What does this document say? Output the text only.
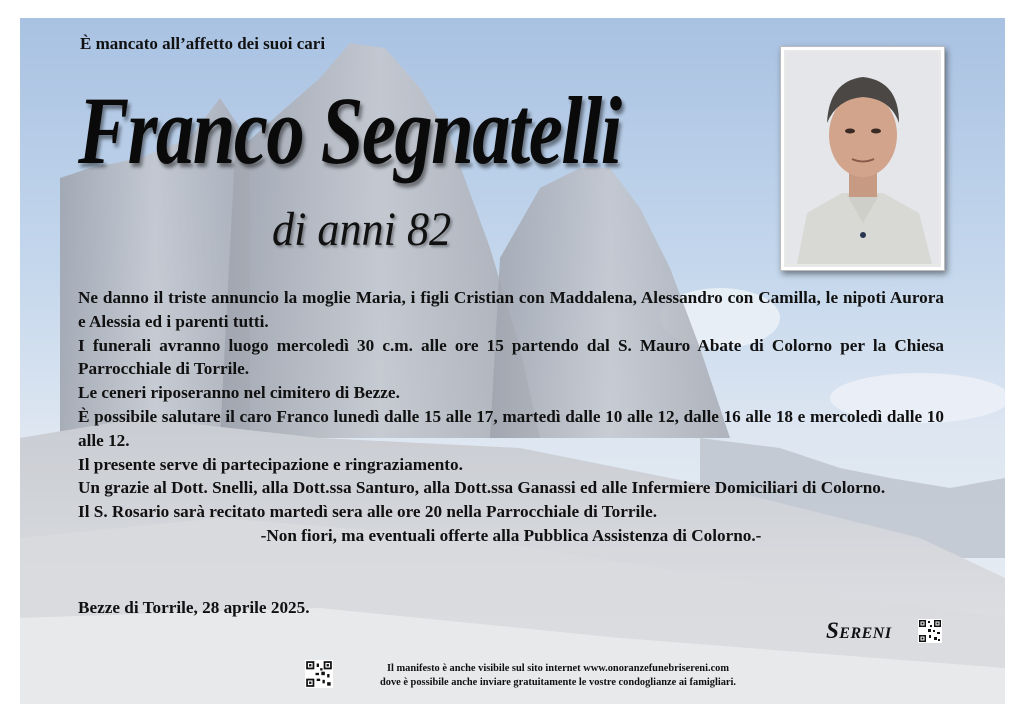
È mancato all’affetto dei suoi cari
Franco Segnatelli
di anni 82

Ne danno il triste annuncio la moglie Maria, i figli Cristian con Maddalena, Alessandro con Camilla, le nipoti Aurora e Alessia ed i parenti tutti.

I funerali avranno luogo mercoledì 30 c.m. alle ore 15 partendo dal S. Mauro Abate di Colorno per la Chiesa Parrocchiale di Torrile.

Le ceneri riposeranno nel cimitero di Bezze.

È possibile salutare il caro Franco lunedì dalle 15 alle 17, martedì dalle 10 alle 12, dalle 16 alle 18 e mercoledì dalle 10 alle 12.

Il presente serve di partecipazione e ringraziamento.

Un grazie al Dott. Snelli, alla Dott.ssa Santuro, alla Dott.ssa Ganassi ed alle Infermiere Domiciliari di Colorno.

Il S. Rosario sarà recitato martedì sera alle ore 20 nella Parrocchiale di Torrile.

-Non fiori, ma eventuali offerte alla Pubblica Assistenza di Colorno.-

Bezze di Torrile, 28 aprile 2025.
Sereni
Il manifesto è anche visibile sul sito internet www.onoranzefunebrisereni.com
dove è possibile anche inviare gratuitamente le vostre condoglianze ai famigliari.
